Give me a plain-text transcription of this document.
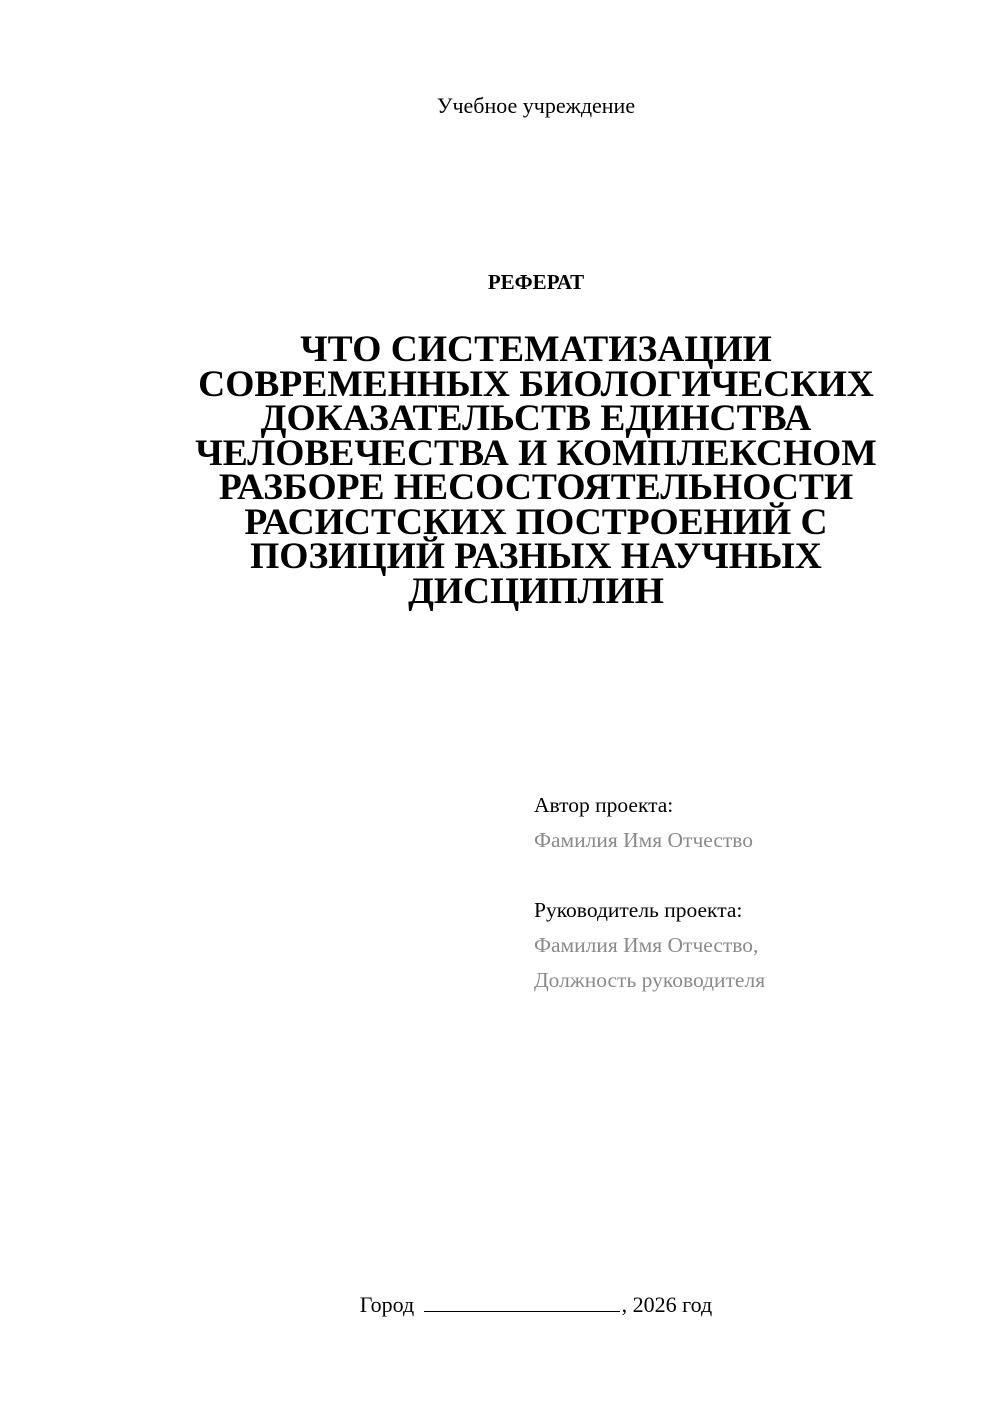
Учебное учреждение
РЕФЕРАТ
ЧТО СИСТЕМАТИЗАЦИИ
СОВРЕМЕННЫХ БИОЛОГИЧЕСКИХ
ДОКАЗАТЕЛЬСТВ ЕДИНСТВА
ЧЕЛОВЕЧЕСТВА И КОМПЛЕКСНОМ
РАЗБОРЕ НЕСОСТОЯТЕЛЬНОСТИ
РАСИСТСКИХ ПОСТРОЕНИЙ С
ПОЗИЦИЙ РАЗНЫХ НАУЧНЫХ
ДИСЦИПЛИН
Автор проекта:
Фамилия Имя Отчество
Руководитель проекта:
Фамилия Имя Отчество,
Должность руководителя
Город	, 2026 год
